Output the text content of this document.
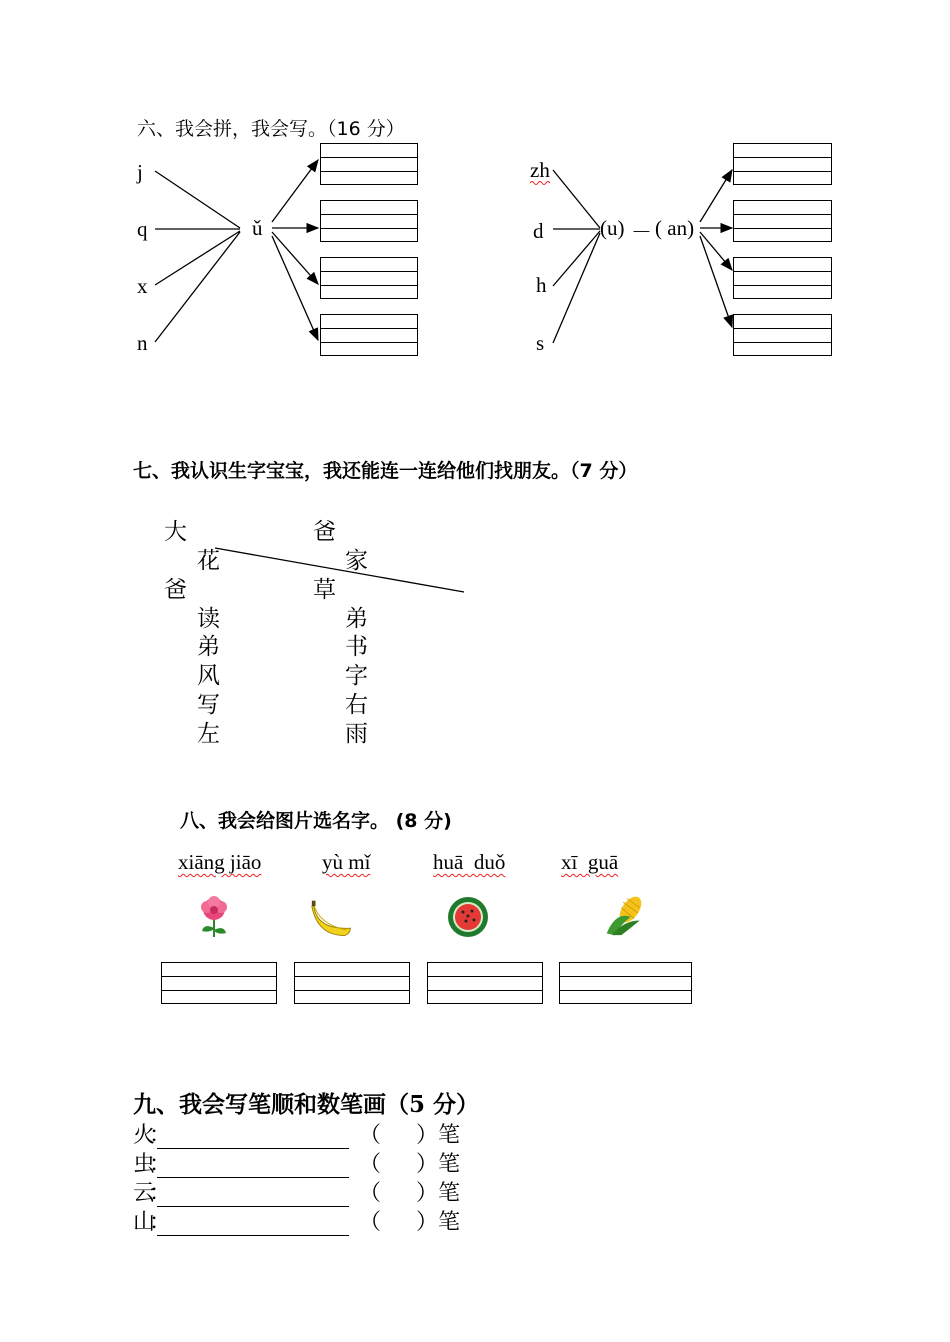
六、我会拼，我会写。（16 分）
j
q
x
n
ǔ
zh
d
h
s
(u) － ( an)
七、我认识生字宝宝，我还能连一连给他们找朋友。（7 分）
大
花
爸
读
弟
风
写
左
爸
家
草
弟
书
字
右
雨
八、我会给图片选名字。 (8 分)
xiāng jiāo	yù mǐ	huā  duǒ	xī  guā
九、我会写笔顺和数笔画（5 分）
火：	（     ）笔
虫：	（     ）笔
云：	（     ）笔
山：	（     ）笔
